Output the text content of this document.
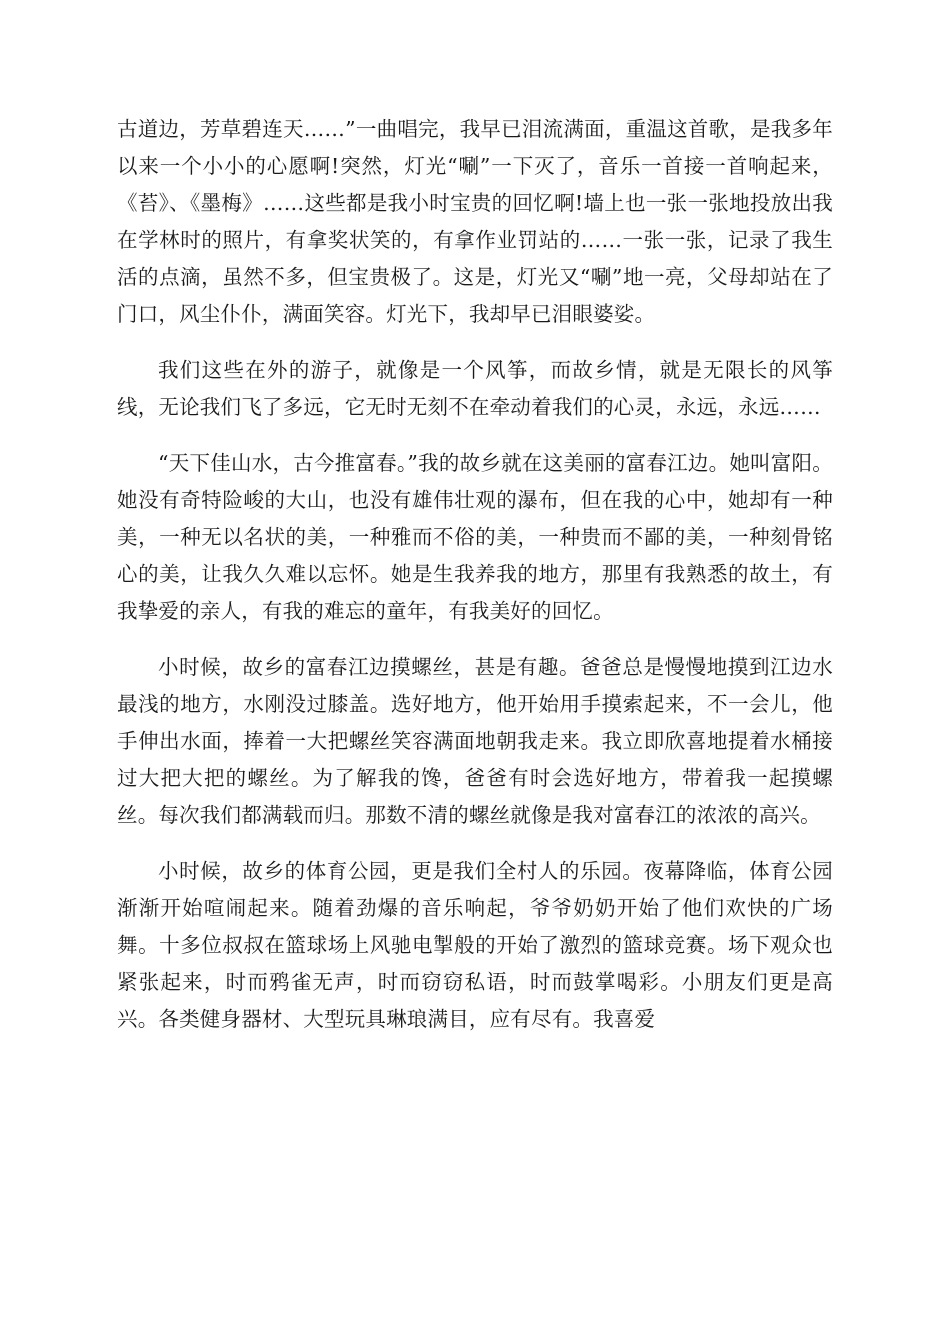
古道边，芳草碧连天……”一曲唱完，我早已泪流满面，重温这首歌，是我多年以来一个小小的心愿啊!突然，灯光“唰”一下灭了，音乐一首接一首响起来，《苔》、《墨梅》……这些都是我小时宝贵的回忆啊!墙上也一张一张地投放出我在学林时的照片，有拿奖状笑的，有拿作业罚站的……一张一张，记录了我生活的点滴，虽然不多，但宝贵极了。这是，灯光又“唰”地一亮，父母却站在了门口，风尘仆仆，满面笑容。灯光下，我却早已泪眼婆娑。

我们这些在外的游子，就像是一个风筝，而故乡情，就是无限长的风筝线，无论我们飞了多远，它无时无刻不在牵动着我们的心灵，永远，永远……

“天下佳山水，古今推富春。”我的故乡就在这美丽的富春江边。她叫富阳。她没有奇特险峻的大山，也没有雄伟壮观的瀑布，但在我的心中，她却有一种美，一种无以名状的美，一种雅而不俗的美，一种贵而不鄙的美，一种刻骨铭心的美，让我久久难以忘怀。她是生我养我的地方，那里有我熟悉的故土，有我挚爱的亲人，有我的难忘的童年，有我美好的回忆。

小时候，故乡的富春江边摸螺丝，甚是有趣。爸爸总是慢慢地摸到江边水最浅的地方，水刚没过膝盖。选好地方，他开始用手摸索起来，不一会儿，他手伸出水面，捧着一大把螺丝笑容满面地朝我走来。我立即欣喜地提着水桶接过大把大把的螺丝。为了解我的馋，爸爸有时会选好地方，带着我一起摸螺丝。每次我们都满载而归。那数不清的螺丝就像是我对富春江的浓浓的高兴。

小时候，故乡的体育公园，更是我们全村人的乐园。夜幕降临，体育公园渐渐开始喧闹起来。随着劲爆的音乐响起，爷爷奶奶开始了他们欢快的广场舞。十多位叔叔在篮球场上风驰电掣般的开始了激烈的篮球竞赛。场下观众也紧张起来，时而鸦雀无声，时而窃窃私语，时而鼓掌喝彩。小朋友们更是高兴。各类健身器材、大型玩具琳琅满目，应有尽有。我喜爱
